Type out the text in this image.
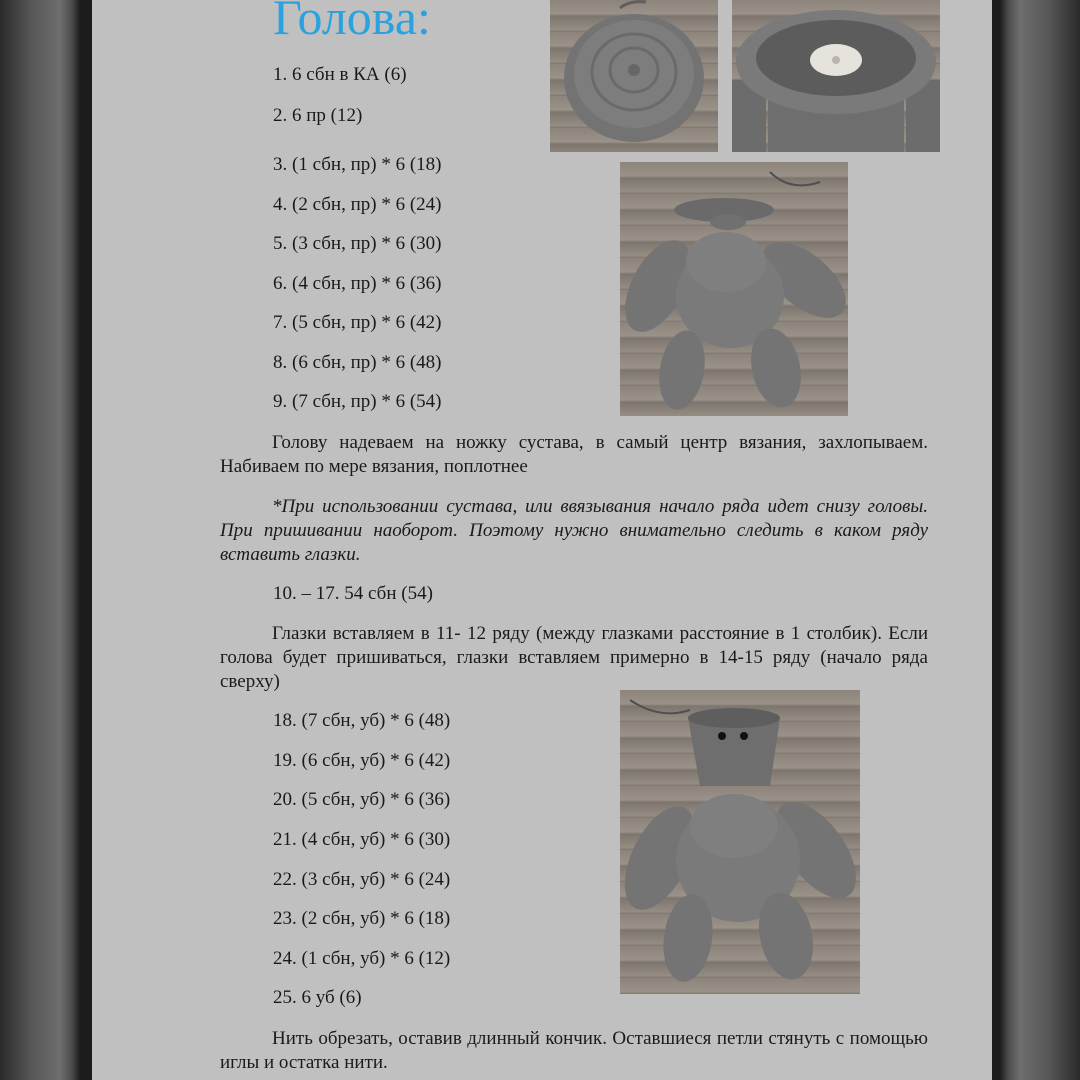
Голова:

1. 6 сбн в КА (6)

2. 6 пр (12)

3. (1 сбн, пр) * 6 (18)

4. (2 сбн, пр) * 6 (24)

5. (3 сбн, пр) * 6 (30)

6. (4 сбн, пр) * 6 (36)

7. (5 сбн, пр) * 6 (42)

8. (6 сбн, пр) * 6 (48)

9. (7 сбн, пр) * 6 (54)

Голову надеваем на ножку сустава, в самый центр вязания, захлопываем. Набиваем по мере вязания, поплотнее

*При использовании сустава, или ввязывания начало ряда идет снизу головы. При пришивании наоборот. Поэтому нужно внимательно следить в каком ряду вставить глазки.

10. – 17. 54 сбн (54)

Глазки вставляем в 11- 12 ряду (между глазками расстояние в 1 столбик). Если голова будет пришиваться, глазки вставляем примерно в 14-15 ряду (начало ряда сверху)

18. (7 сбн, уб) * 6 (48)

19. (6 сбн, уб) * 6 (42)

20. (5 сбн, уб) * 6 (36)

21. (4 сбн, уб) * 6 (30)

22. (3 сбн, уб) * 6 (24)

23. (2 сбн, уб) * 6 (18)

24. (1 сбн, уб) * 6 (12)

25. 6 уб (6)

Нить обрезать, оставив длинный кончик. Оставшиеся петли стянуть с помощью иглы и остатка нити.
